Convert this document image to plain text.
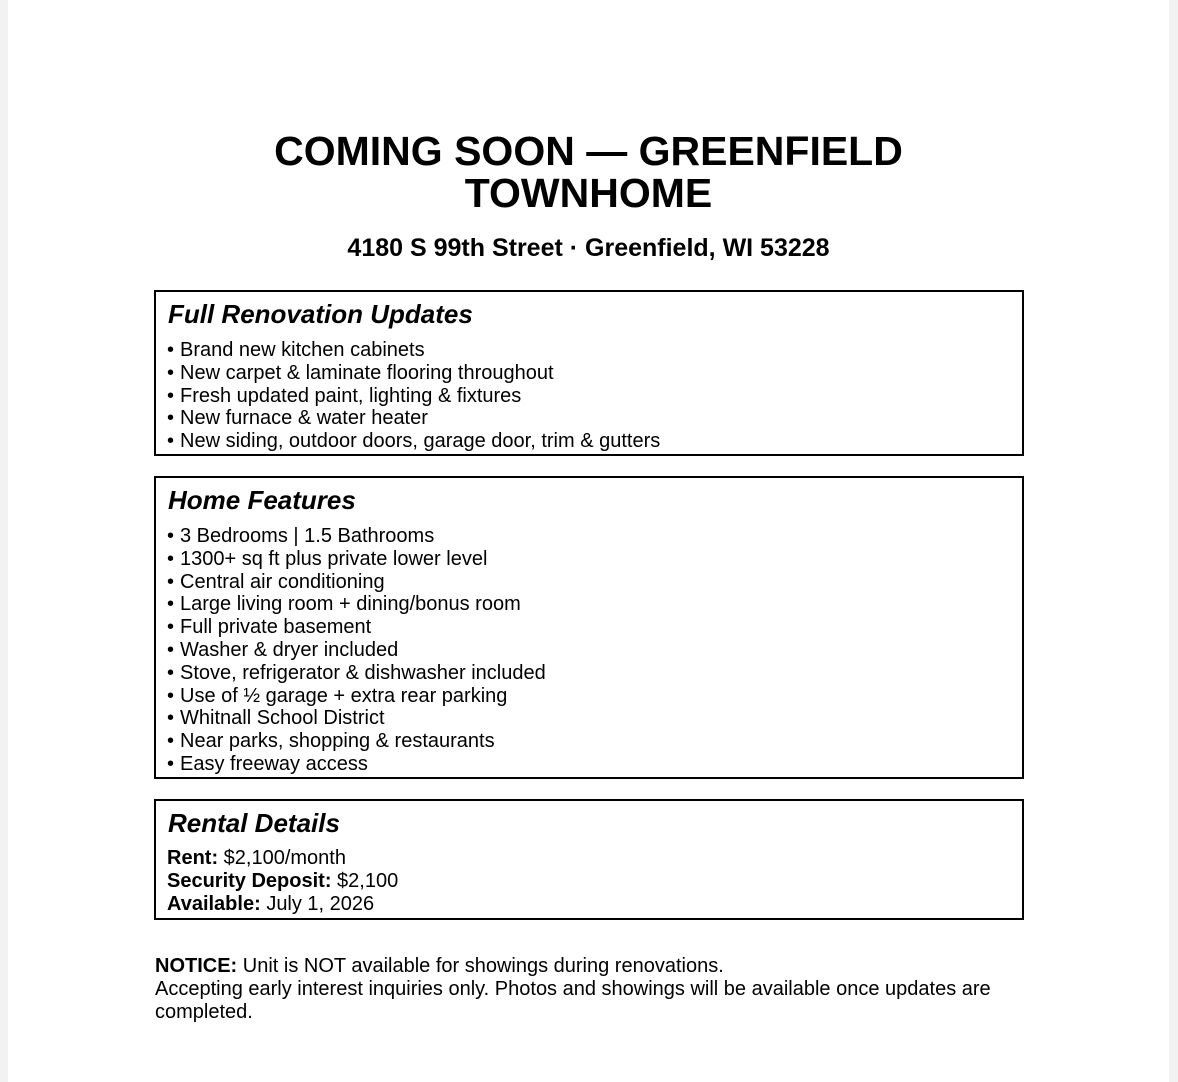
COMING SOON — GREENFIELD
TOWNHOME
4180 S 99th Street · Greenfield, WI 53228
Full Renovation Updates
• Brand new kitchen cabinets
• New carpet & laminate flooring throughout
• Fresh updated paint, lighting & fixtures
• New furnace & water heater
• New siding, outdoor doors, garage door, trim & gutters
Home Features
• 3 Bedrooms | 1.5 Bathrooms
• 1300+ sq ft plus private lower level
• Central air conditioning
• Large living room + dining/bonus room
• Full private basement
• Washer & dryer included
• Stove, refrigerator & dishwasher included
• Use of ½ garage + extra rear parking
• Whitnall School District
• Near parks, shopping & restaurants
• Easy freeway access
Rental Details
Rent: $2,100/month
Security Deposit: $2,100
Available: July 1, 2026
NOTICE: Unit is NOT available for showings during renovations.
Accepting early interest inquiries only. Photos and showings will be available once updates are completed.
